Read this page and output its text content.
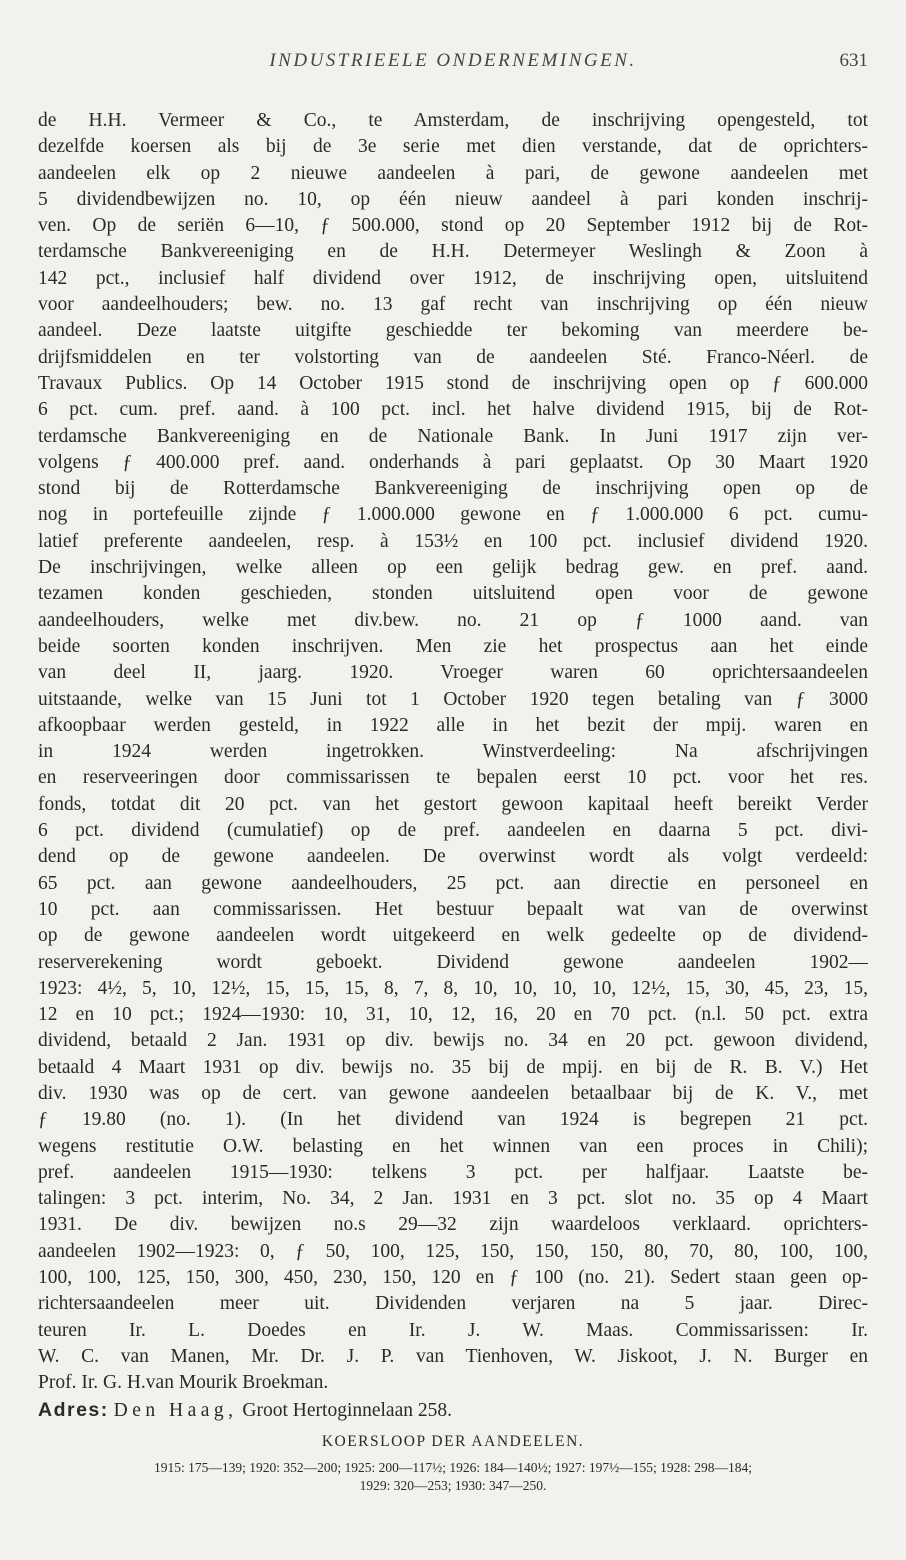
INDUSTRIEELE ONDERNEMINGEN.	631
de H.H. Vermeer & Co., te Amsterdam, de inschrijving opengesteld, tot
dezelfde koersen als bij de 3e serie met dien verstande, dat de oprichters-
aandeelen elk op 2 nieuwe aandeelen à pari, de gewone aandeelen met
5 dividendbewijzen no. 10, op één nieuw aandeel à pari konden inschrij-
ven. Op de seriën 6—10, ƒ 500.000, stond op 20 September 1912 bij de Rot-
terdamsche Bankvereeniging en de H.H. Determeyer Weslingh & Zoon à
142 pct., inclusief half dividend over 1912, de inschrijving open, uitsluitend
voor aandeelhouders; bew. no. 13 gaf recht van inschrijving op één nieuw
aandeel. Deze laatste uitgifte geschiedde ter bekoming van meerdere be-
drijfsmiddelen en ter volstorting van de aandeelen Sté. Franco-Néerl. de
Travaux Publics. Op 14 October 1915 stond de inschrijving open op ƒ 600.000
6 pct. cum. pref. aand. à 100 pct. incl. het halve dividend 1915, bij de Rot-
terdamsche Bankvereeniging en de Nationale Bank. In Juni 1917 zijn ver-
volgens ƒ 400.000 pref. aand. onderhands à pari geplaatst. Op 30 Maart 1920
stond bij de Rotterdamsche Bankvereeniging de inschrijving open op de
nog in portefeuille zijnde ƒ 1.000.000 gewone en ƒ 1.000.000 6 pct. cumu-
latief preferente aandeelen, resp. à 153½ en 100 pct. inclusief dividend 1920.
De inschrijvingen, welke alleen op een gelijk bedrag gew. en pref. aand.
tezamen konden geschieden, stonden uitsluitend open voor de gewone
aandeelhouders, welke met div.bew. no. 21 op ƒ 1000 aand. van
beide soorten konden inschrijven. Men zie het prospectus aan het einde
van deel II, jaarg. 1920. Vroeger waren 60 oprichtersaandeelen
uitstaande, welke van 15 Juni tot 1 October 1920 tegen betaling van ƒ 3000
afkoopbaar werden gesteld, in 1922 alle in het bezit der mpij. waren en
in 1924 werden ingetrokken. Winstverdeeling: Na afschrijvingen
en reserveeringen door commissarissen te bepalen eerst 10 pct. voor het res.
fonds, totdat dit 20 pct. van het gestort gewoon kapitaal heeft bereikt Verder
6 pct. dividend (cumulatief) op de pref. aandeelen en daarna 5 pct. divi-
dend op de gewone aandeelen. De overwinst wordt als volgt verdeeld:
65 pct. aan gewone aandeelhouders, 25 pct. aan directie en personeel en
10 pct. aan commissarissen. Het bestuur bepaalt wat van de overwinst
op de gewone aandeelen wordt uitgekeerd en welk gedeelte op de dividend-
reserverekening wordt geboekt. Dividend gewone aandeelen 1902—
1923: 4½, 5, 10, 12½, 15, 15, 15, 8, 7, 8, 10, 10, 10, 10, 12½, 15, 30, 45, 23, 15,
12 en 10 pct.; 1924—1930: 10, 31, 10, 12, 16, 20 en 70 pct. (n.l. 50 pct. extra
dividend, betaald 2 Jan. 1931 op div. bewijs no. 34 en 20 pct. gewoon dividend,
betaald 4 Maart 1931 op div. bewijs no. 35 bij de mpij. en bij de R. B. V.) Het
div. 1930 was op de cert. van gewone aandeelen betaalbaar bij de K. V., met
ƒ 19.80 (no. 1). (In het dividend van 1924 is begrepen 21 pct.
wegens restitutie O.W. belasting en het winnen van een proces in Chili);
pref. aandeelen 1915—1930: telkens 3 pct. per halfjaar. Laatste be-
talingen: 3 pct. interim, No. 34, 2 Jan. 1931 en 3 pct. slot no. 35 op 4 Maart
1931. De div. bewijzen no.s 29—32 zijn waardeloos verklaard. oprichters-
aandeelen 1902—1923: 0, ƒ 50, 100, 125, 150, 150, 150, 80, 70, 80, 100, 100,
100, 100, 125, 150, 300, 450, 230, 150, 120 en ƒ 100 (no. 21). Sedert staan geen op-
richtersaandeelen meer uit. Dividenden verjaren na 5 jaar. Direc-
teuren Ir. L. Doedes en Ir. J. W. Maas. Commissarissen: Ir.
W. C. van Manen, Mr. Dr. J. P. van Tienhoven, W. Jiskoot, J. N. Burger en
Prof. Ir. G. H.van Mourik Broekman.
Adres: Den Haag, Groot Hertoginnelaan 258.
KOERSLOOP DER AANDEELEN.
1915: 175—139; 1920: 352—200; 1925: 200—117½; 1926: 184—140½; 1927: 197½—155; 1928: 298—184;
1929: 320—253; 1930: 347—250.
